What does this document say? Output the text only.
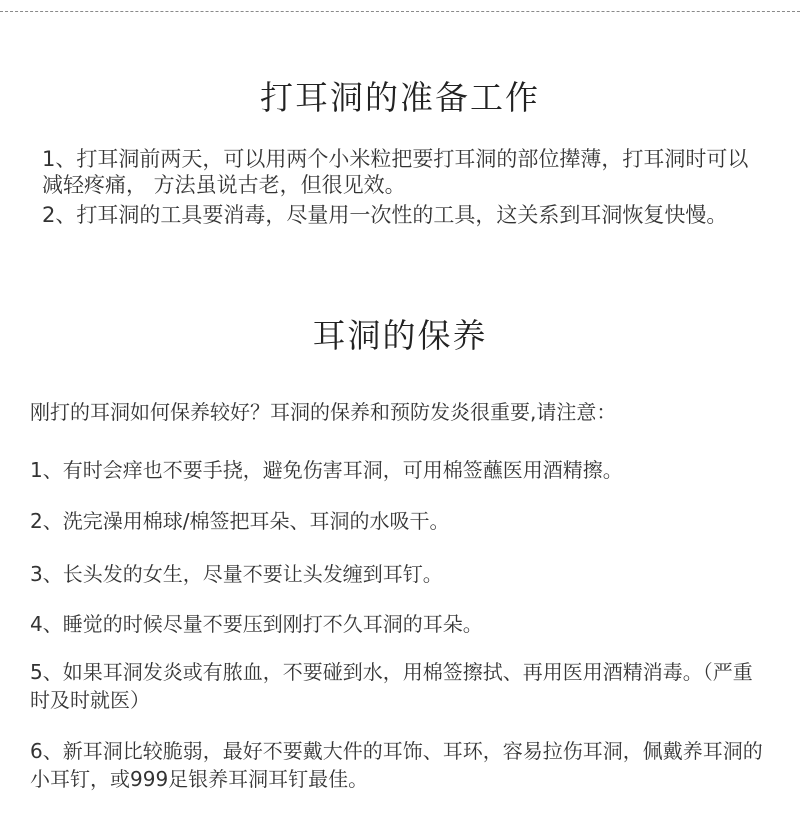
打耳洞的准备工作

1、打耳洞前两天，可以用两个小米粒把要打耳洞的部位撵薄，打耳洞时可以减轻疼痛， 方法虽说古老，但很见效。

2、打耳洞的工具要消毒，尽量用一次性的工具，这关系到耳洞恢复快慢。

耳洞的保养

刚打的耳洞如何保养较好？耳洞的保养和预防发炎很重要,请注意：

1、有时会痒也不要手挠，避免伤害耳洞，可用棉签蘸医用酒精擦。

2、洗完澡用棉球/棉签把耳朵、耳洞的水吸干。

3、长头发的女生，尽量不要让头发缠到耳钉。

4、睡觉的时候尽量不要压到刚打不久耳洞的耳朵。

5、如果耳洞发炎或有脓血，不要碰到水，用棉签擦拭、再用医用酒精消毒。（严重时及时就医）

6、新耳洞比较脆弱，最好不要戴大件的耳饰、耳环，容易拉伤耳洞，佩戴养耳洞的小耳钉，或999足银养耳洞耳钉最佳。
